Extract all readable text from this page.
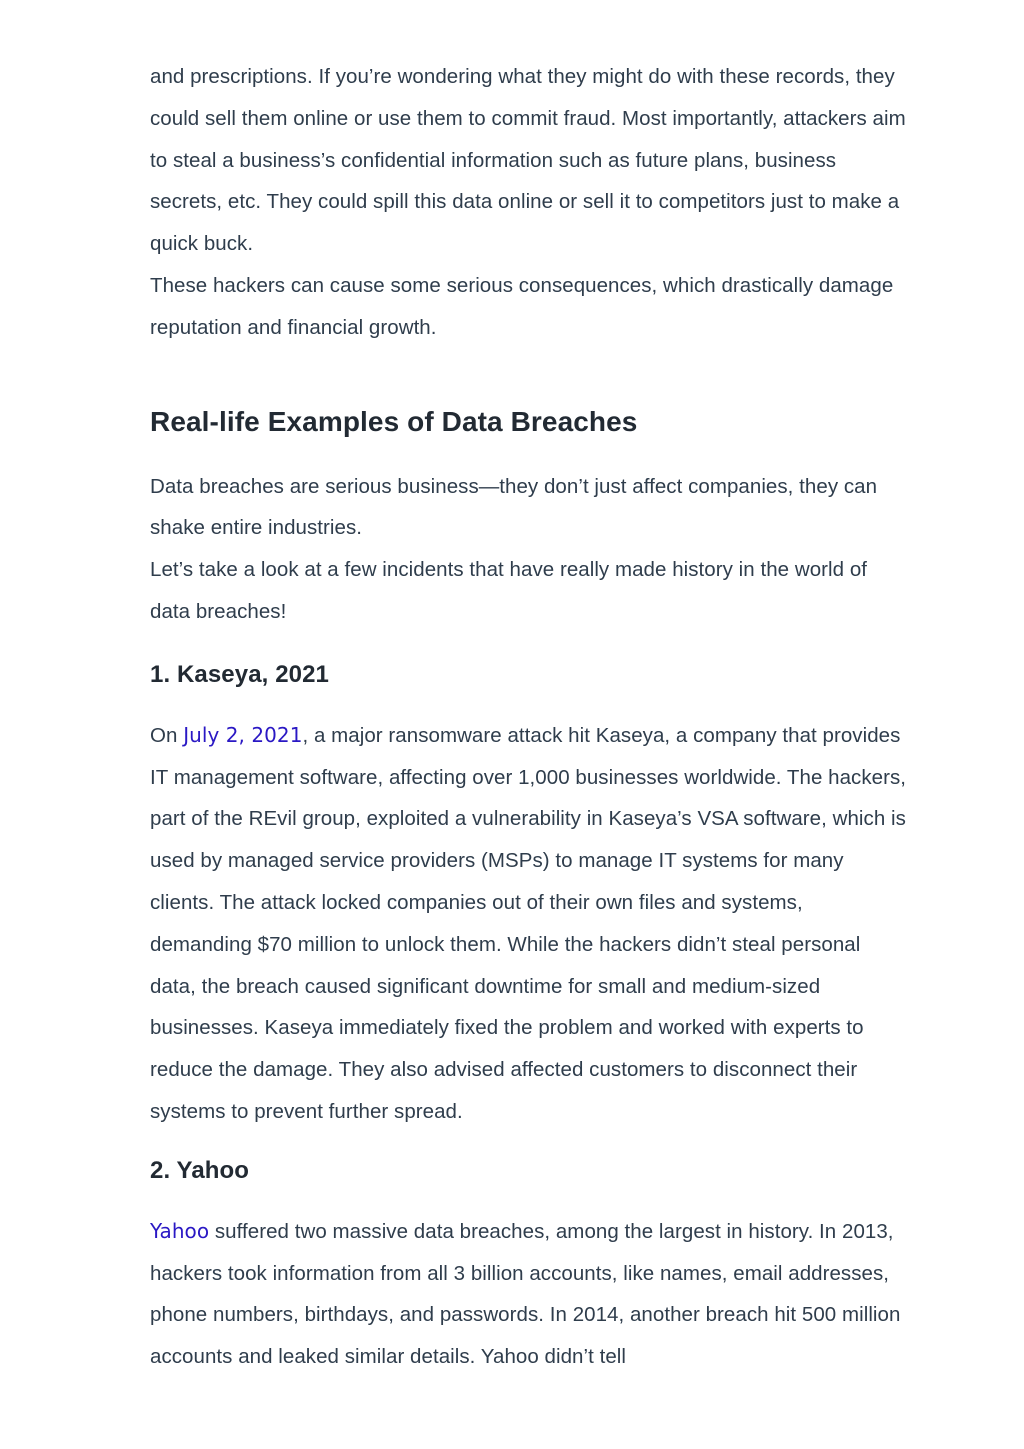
and prescriptions. If you’re wondering what they might do with these records, they could sell them online or use them to commit fraud. Most importantly, attackers aim to steal a business’s confidential information such as future plans, business secrets, etc. They could spill this data online or sell it to competitors just to make a quick buck.

These hackers can cause some serious consequences, which drastically damage reputation and financial growth.

Real-life Examples of Data Breaches

Data breaches are serious business—they don’t just affect companies, they can shake entire industries.

Let’s take a look at a few incidents that have really made history in the world of data breaches!

1. Kaseya, 2021

On July 2, 2021, a major ransomware attack hit Kaseya, a company that provides IT management software, affecting over 1,000 businesses worldwide. The hackers, part of the REvil group, exploited a vulnerability in Kaseya’s VSA software, which is used by managed service providers (MSPs) to manage IT systems for many clients. The attack locked companies out of their own files and systems, demanding $70 million to unlock them. While the hackers didn’t steal personal data, the breach caused significant downtime for small and medium-sized businesses. Kaseya immediately fixed the problem and worked with experts to reduce the damage. They also advised affected customers to disconnect their systems to prevent further spread.

2. Yahoo

Yahoo suffered two massive data breaches, among the largest in history. In 2013, hackers took information from all 3 billion accounts, like names, email addresses, phone numbers, birthdays, and passwords. In 2014, another breach hit 500 million accounts and leaked similar details. Yahoo didn’t tell
